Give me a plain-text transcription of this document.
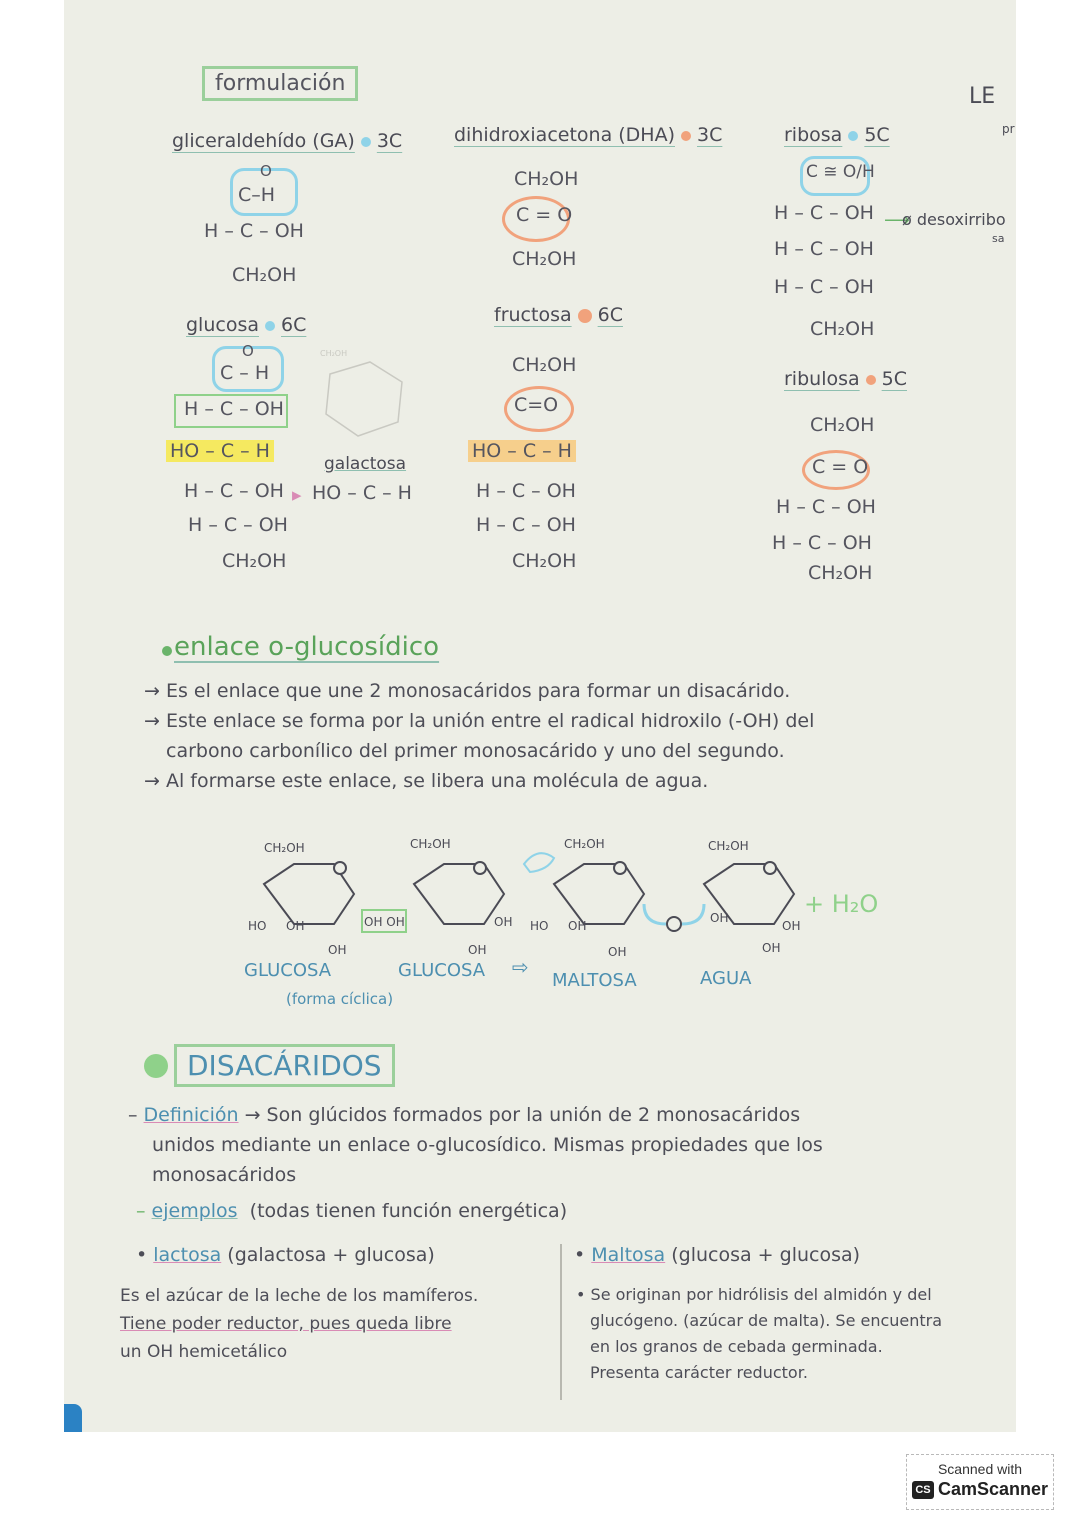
formulación
LE
pr
gliceraldehído (GA) 3C
O
C–H
H – C – OH
CH₂OH
dihidroxiacetona (DHA) 3C
CH₂OH
C = O
CH₂OH
ribosa 5C
C ≅ O/H
H – C – OH ⟶
ø desoxirribo
sa
H – C – OH
H – C – OH
CH₂OH
glucosa 6C
O
C – H
H – C – OH
HO – C – H
H – C – OH
H – C – OH
CH₂OH
CH₂OH
galactosa
▸ HO – C – H
fructosa 6C
CH₂OH
C=O
HO – C – H
H – C – OH
H – C – OH
CH₂OH
ribulosa 5C
CH₂OH
C = O
H – C – OH
H – C – OH
CH₂OH
enlace o-glucosídico
→ Es el enlace que une 2 monosacáridos para formar un disacárido.
→ Este enlace se forma por la unión entre el radical hidroxilo (-OH) del
carbono carbonílico del primer monosacárido y uno del segundo.
→ Al formarse este enlace, se libera una molécula de agua.
CH₂OH	CH₂OH	CH₂OH	CH₂OH
HO OH
OH
OH OH	OH
OH
HO OH
OH
OH
OH
OH
+ H₂O
GLUCOSA	GLUCOSA	MALTOSA	AGUA
⇨
(forma cíclica)
DISACÁRIDOS
– Definición → Son glúcidos formados por la unión de 2 monosacáridos
unidos mediante un enlace o-glucosídico. Mismas propiedades que los
monosacáridos
– ejemplos (todas tienen función energética)
• lactosa (galactosa + glucosa)
Es el azúcar de la leche de los mamíferos.
Tiene poder reductor, pues queda libre
un OH hemicetálico
• Maltosa (glucosa + glucosa)
• Se originan por hidrólisis del almidón y del
glucógeno. (azúcar de malta). Se encuentra
en los granos de cebada germinada.
Presenta carácter reductor.
Scanned with
CS CamScanner
